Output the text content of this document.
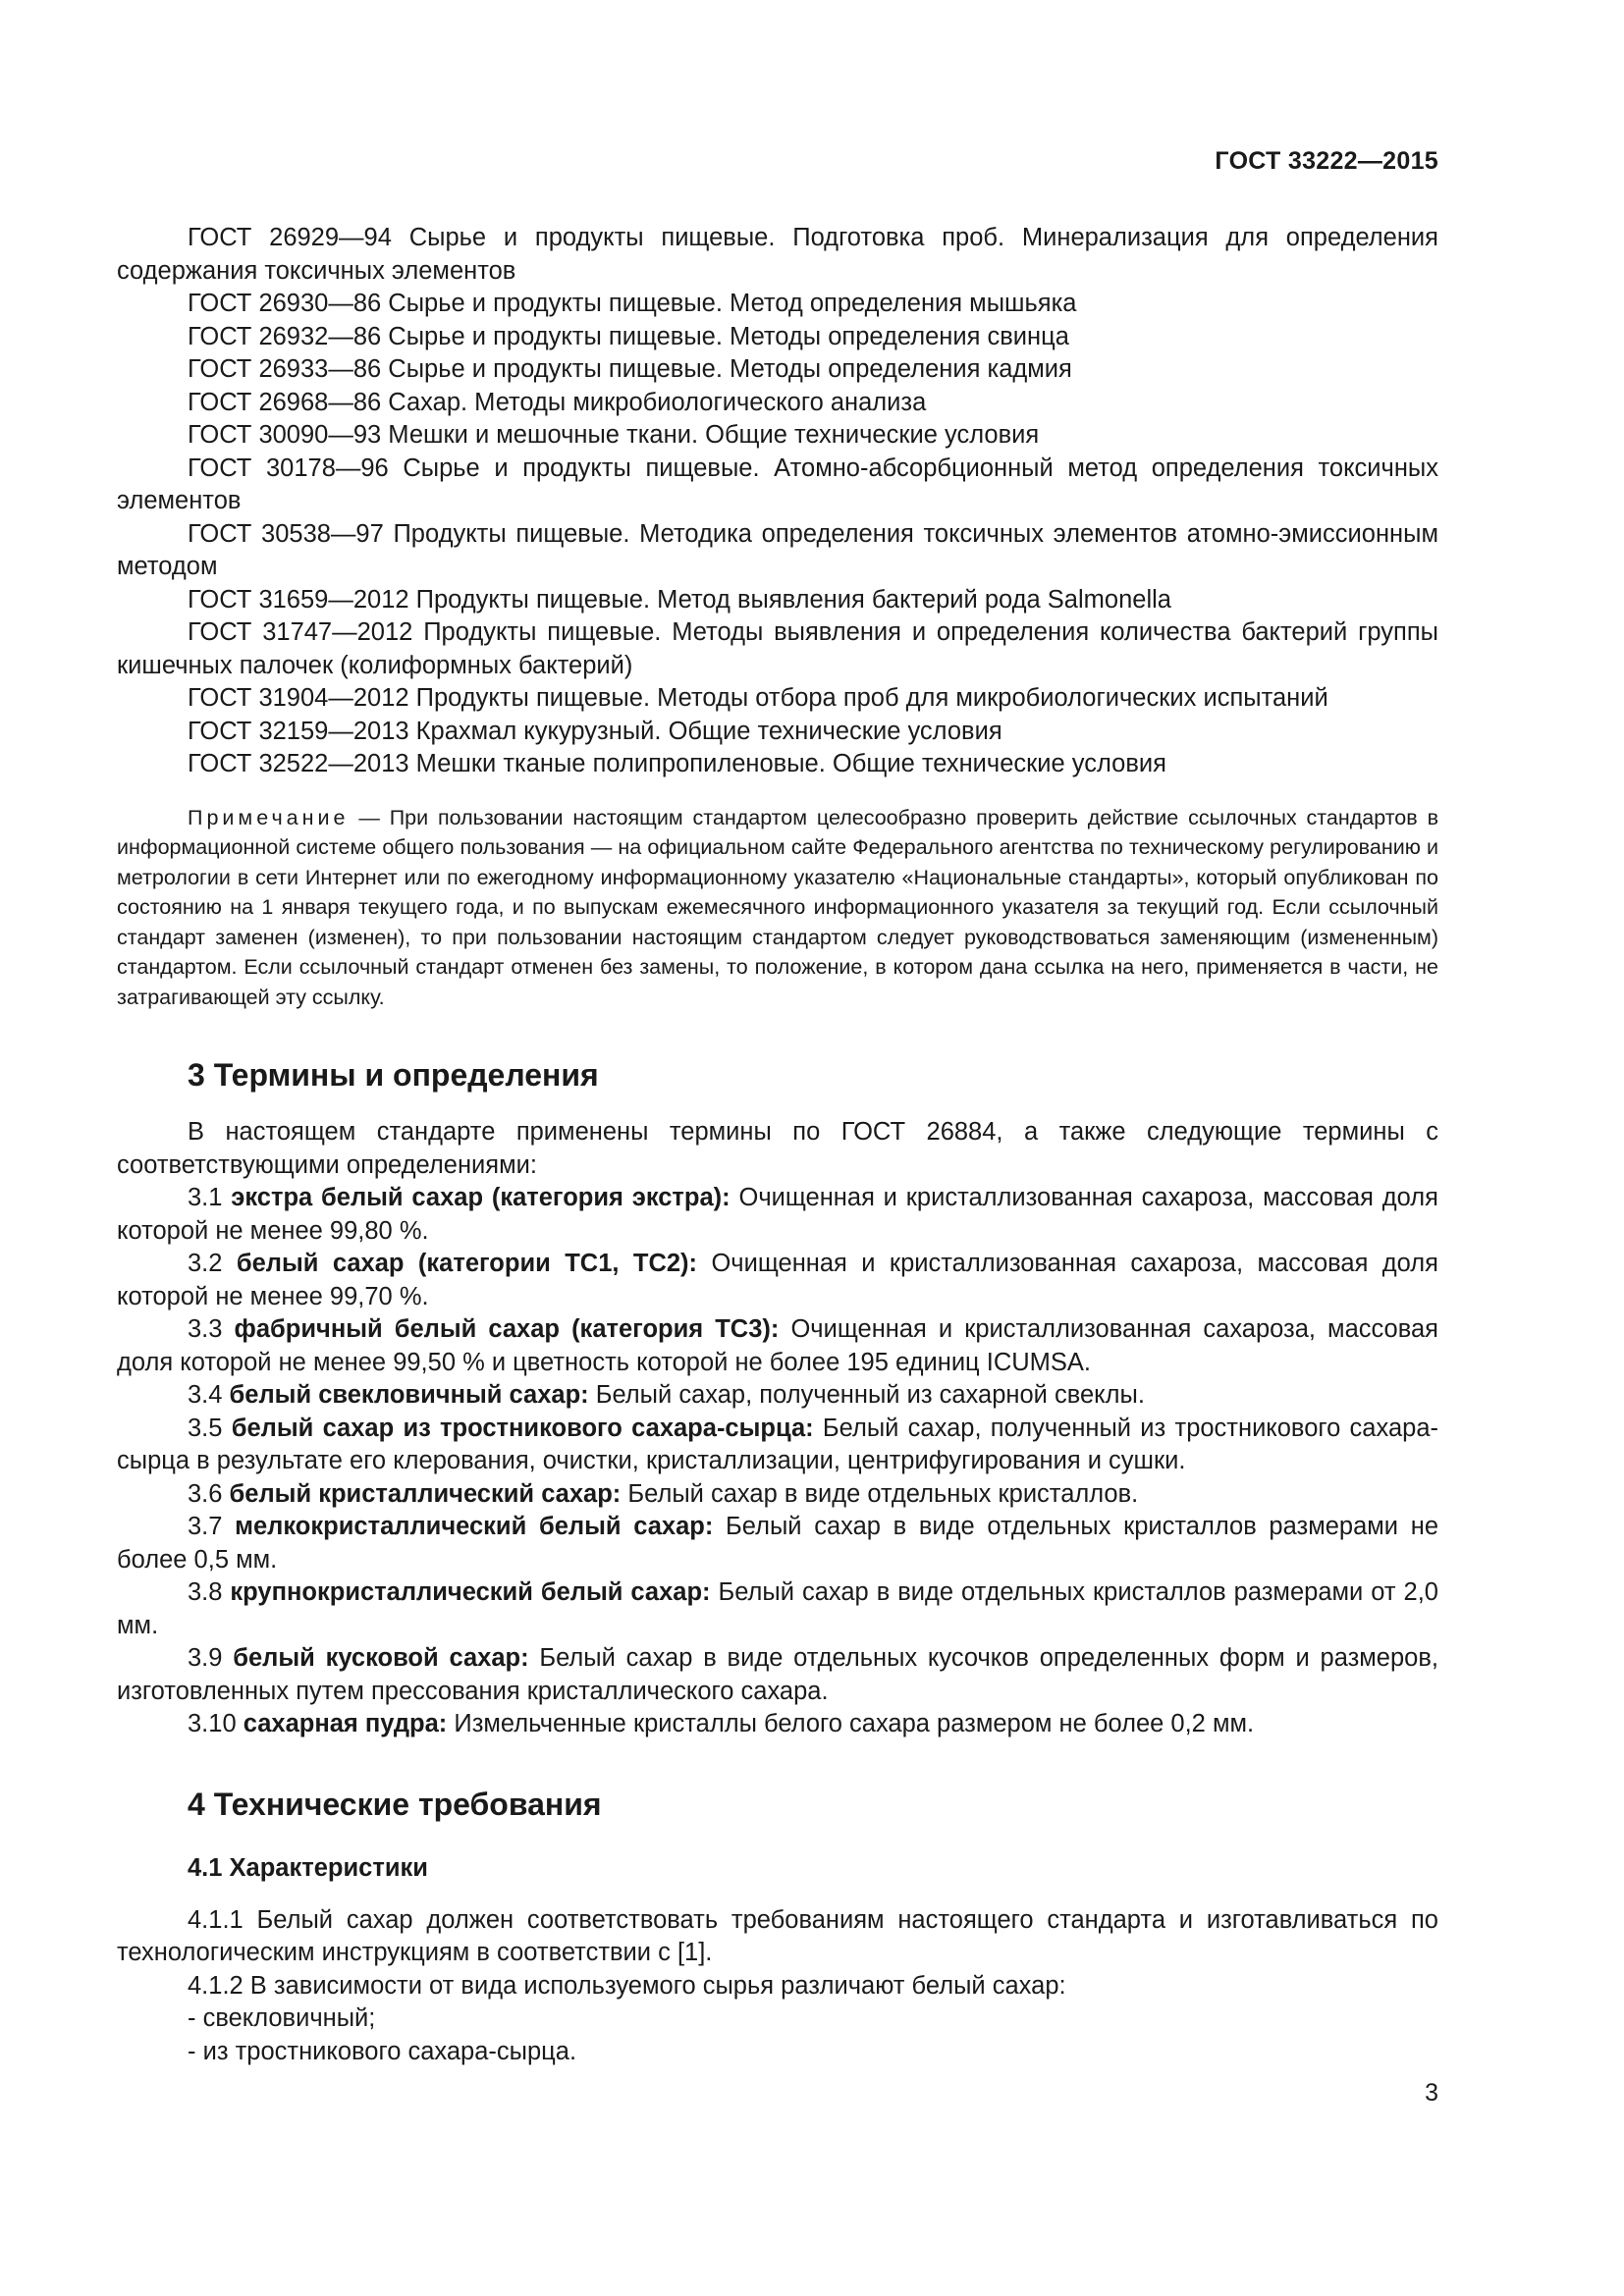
ГОСТ 33222—2015

ГОСТ 26929—94 Сырье и продукты пищевые. Подготовка проб. Минерализация для определения содержания токсичных элементов

ГОСТ 26930—86 Сырье и продукты пищевые. Метод определения мышьяка

ГОСТ 26932—86 Сырье и продукты пищевые. Методы определения свинца

ГОСТ 26933—86 Сырье и продукты пищевые. Методы определения кадмия

ГОСТ 26968—86 Сахар. Методы микробиологического анализа

ГОСТ 30090—93 Мешки и мешочные ткани. Общие технические условия

ГОСТ 30178—96 Сырье и продукты пищевые. Атомно-абсорбционный метод определения токсичных элементов

ГОСТ 30538—97 Продукты пищевые. Методика определения токсичных элементов атомно-эмиссионным методом

ГОСТ 31659—2012 Продукты пищевые. Метод выявления бактерий рода Salmonella

ГОСТ 31747—2012 Продукты пищевые. Методы выявления и определения количества бактерий группы кишечных палочек (колиформных бактерий)

ГОСТ 31904—2012 Продукты пищевые. Методы отбора проб для микробиологических испытаний

ГОСТ 32159—2013 Крахмал кукурузный. Общие технические условия

ГОСТ 32522—2013 Мешки тканые полипропиленовые. Общие технические условия

Примечание — При пользовании настоящим стандартом целесообразно проверить действие ссылочных стандартов в информационной системе общего пользования — на официальном сайте Федерального агентства по техническому регулированию и метрологии в сети Интернет или по ежегодному информационному указателю «Национальные стандарты», который опубликован по состоянию на 1 января текущего года, и по выпускам ежемесячного информационного указателя за текущий год. Если ссылочный стандарт заменен (изменен), то при пользовании настоящим стандартом следует руководствоваться заменяющим (измененным) стандартом. Если ссылочный стандарт отменен без замены, то положение, в котором дана ссылка на него, применяется в части, не затрагивающей эту ссылку.

3 Термины и определения

В настоящем стандарте применены термины по ГОСТ 26884, а также следующие термины с соответствующими определениями:

3.1 экстра белый сахар (категория экстра): Очищенная и кристаллизованная сахароза, массовая доля которой не менее 99,80 %.

3.2 белый сахар (категории ТС1, ТС2): Очищенная и кристаллизованная сахароза, массовая доля которой не менее 99,70 %.

3.3 фабричный белый сахар (категория ТС3): Очищенная и кристаллизованная сахароза, массовая доля которой не менее 99,50 % и цветность которой не более 195 единиц ICUMSA.

3.4 белый свекловичный сахар: Белый сахар, полученный из сахарной свеклы.

3.5 белый сахар из тростникового сахара-сырца: Белый сахар, полученный из тростникового сахара-сырца в результате его клерования, очистки, кристаллизации, центрифугирования и сушки.

3.6 белый кристаллический сахар: Белый сахар в виде отдельных кристаллов.

3.7 мелкокристаллический белый сахар: Белый сахар в виде отдельных кристаллов размерами не более 0,5 мм.

3.8 крупнокристаллический белый сахар: Белый сахар в виде отдельных кристаллов размерами от 2,0 мм.

3.9 белый кусковой сахар: Белый сахар в виде отдельных кусочков определенных форм и размеров, изготовленных путем прессования кристаллического сахара.

3.10 сахарная пудра: Измельченные кристаллы белого сахара размером не более 0,2 мм.

4 Технические требования
4.1 Характеристики

4.1.1 Белый сахар должен соответствовать требованиям настоящего стандарта и изготавливаться по технологическим инструкциям в соответствии с [1].

4.1.2 В зависимости от вида используемого сырья различают белый сахар:

- свекловичный;
- из тростникового сахара-сырца.
3
